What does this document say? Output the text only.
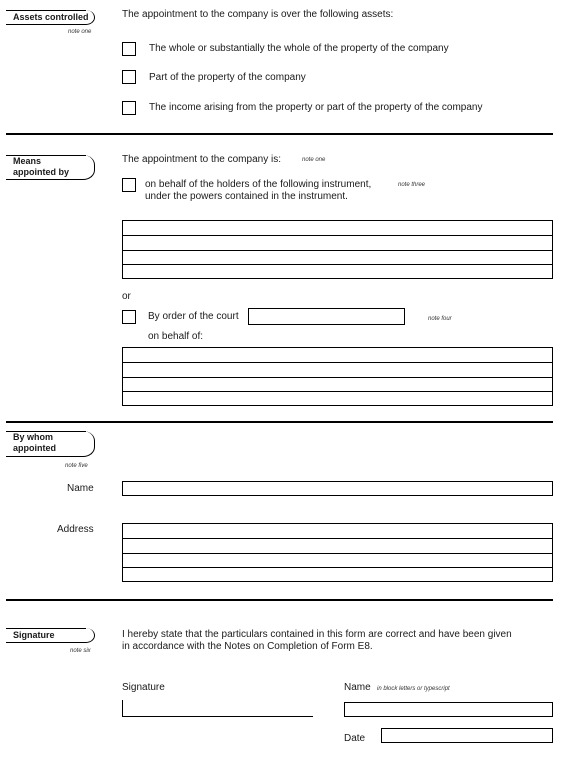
Assets controlled
note one
The appointment to the company is over the following assets:
The whole or substantially the whole of the property of the company
Part of the property of the company
The income arising from the property or part of the property of the company
Means
appointed by
The appointment to the company is:	note one
on behalf of the holders of the following instrument,
under the powers contained in the instrument.
note three
or
By order of the court	note four
on behalf of:
By whom
appointed
note five
Name
Address
Signature
note six
I hereby state that the particulars contained in this form are correct and have been given
in accordance with the Notes on Completion of Form E8.
Signature	Name in block letters or typescript
Date
